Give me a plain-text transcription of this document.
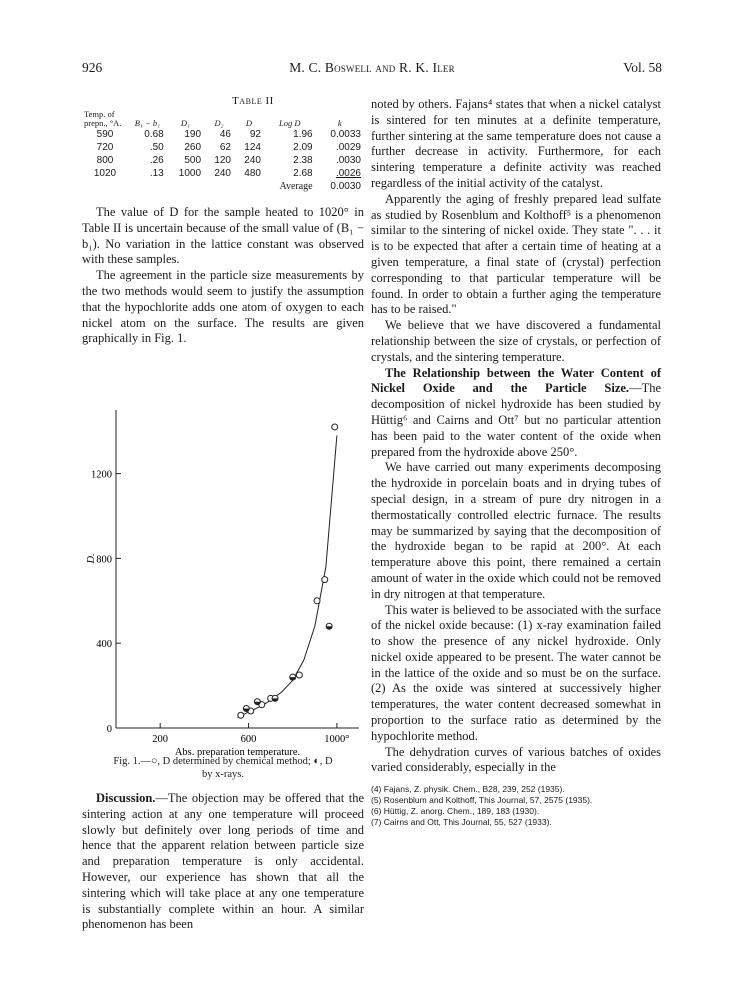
926	M. C. Boswell and R. K. Iler	Vol. 58
Table II
Temp. of prepn., °A.	B₁ − b₁	D₁	D₂	D	Log D	k
590	0.68	190	46	92	1.96	0.0033
720	.50	260	62	124	2.09	.0029
800	.26	500	120	240	2.38	.0030
1020	.13	1000	240	480	2.68	.0026
					Average	0.0030

The value of D for the sample heated to 1020° in Table II is uncertain because of the small value of (B₁ − b₁). No variation in the lattice constant was observed with these samples.

The agreement in the particle size measurements by the two methods would seem to justify the assumption that the hypochlorite adds one atom of oxygen to each nickel atom on the surface. The results are given graphically in Fig. 1.

0
400
800
1200
200	600	1000°
Abs. preparation temperature.
D.
Fig. 1.—○, D determined by chemical method; ◐, D
by x-rays.

Discussion.—The objection may be offered that the sintering action at any one temperature will proceed slowly but definitely over long periods of time and hence that the apparent relation between particle size and preparation temperature is only accidental. However, our experience has shown that all the sintering which will take place at any one temperature is substantially complete within an hour. A similar phenomenon has been

noted by others. Fajans⁴ states that when a nickel catalyst is sintered for ten minutes at a definite temperature, further sintering at the same temperature does not cause a further decrease in activity. Furthermore, for each sintering temperature a definite activity was reached regardless of the initial activity of the catalyst.

Apparently the aging of freshly prepared lead sulfate as studied by Rosenblum and Kolthoff⁵ is a phenomenon similar to the sintering of nickel oxide. They state ". . . it is to be expected that after a certain time of heating at a given temperature, a final state of (crystal) perfection corresponding to that particular temperature will be found. In order to obtain a further aging the temperature has to be raised."

We believe that we have discovered a fundamental relationship between the size of crystals, or perfection of crystals, and the sintering temperature.

The Relationship between the Water Content of Nickel Oxide and the Particle Size.—The decomposition of nickel hydroxide has been studied by Hüttig⁶ and Cairns and Ott⁷ but no particular attention has been paid to the water content of the oxide when prepared from the hydroxide above 250°.

We have carried out many experiments decomposing the hydroxide in porcelain boats and in drying tubes of special design, in a stream of pure dry nitrogen in a thermostatically controlled electric furnace. The results may be summarized by saying that the decomposition of the hydroxide began to be rapid at 200°. At each temperature above this point, there remained a certain amount of water in the oxide which could not be removed in dry nitrogen at that temperature.

This water is believed to be associated with the surface of the nickel oxide because: (1) x-ray examination failed to show the presence of any nickel hydroxide. Only nickel oxide appeared to be present. The water cannot be in the lattice of the oxide and so must be on the surface. (2) As the oxide was sintered at successively higher temperatures, the water content decreased somewhat in proportion to the surface ratio as determined by the hypochlorite method.

The dehydration curves of various batches of oxides varied considerably, especially in the

(4) Fajans, Z. physik. Chem., B28, 239, 252 (1935).
(5) Rosenblum and Kolthoff, This Journal, 57, 2575 (1935).
(6) Hüttig, Z. anorg. Chem., 189, 183 (1930).
(7) Cairns and Ott, This Journal, 55, 527 (1933).
